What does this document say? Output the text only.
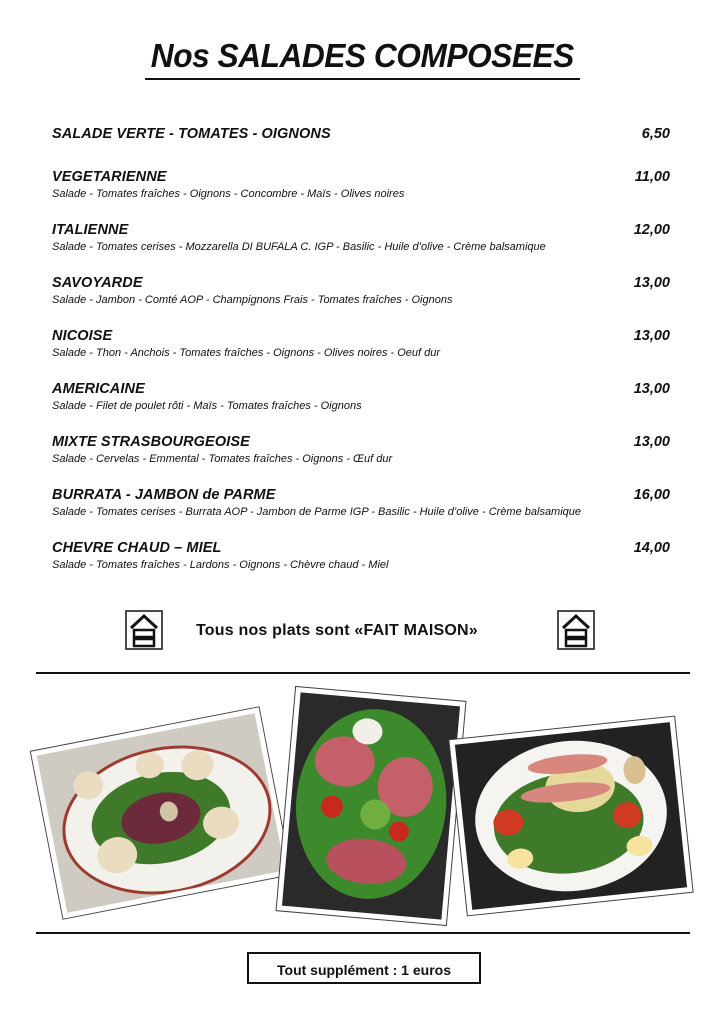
Nos SALADES COMPOSEES
SALADE VERTE - TOMATES - OIGNONS	6,50
VEGETARIENNE	11,00
Salade - Tomates fraîches - Oignons - Concombre - Maïs - Olives noires
ITALIENNE	12,00
Salade - Tomates cerises - Mozzarella DI BUFALA C. IGP - Basilic - Huile d’olive - Crème balsamique
SAVOYARDE	13,00
Salade - Jambon - Comté AOP - Champignons Frais - Tomates fraîches - Oignons
NICOISE	13,00
Salade - Thon - Anchois - Tomates fraîches - Oignons - Olives noires - Oeuf dur
AMERICAINE	13,00
Salade - Filet de poulet rôti - Maïs - Tomates fraîches - Oignons
MIXTE STRASBOURGEOISE	13,00
Salade - Cervelas - Emmental - Tomates fraîches - Oignons - Œuf dur
BURRATA - JAMBON de PARME	16,00
Salade - Tomates cerises - Burrata AOP - Jambon de Parme IGP - Basilic - Huile d’olive - Crème balsamique
CHEVRE CHAUD – MIEL	14,00
Salade - Tomates fraîches - Lardons - Oignons - Chèvre chaud - Miel
Tous nos plats sont «FAIT MAISON»
Tout supplément : 1 euros
